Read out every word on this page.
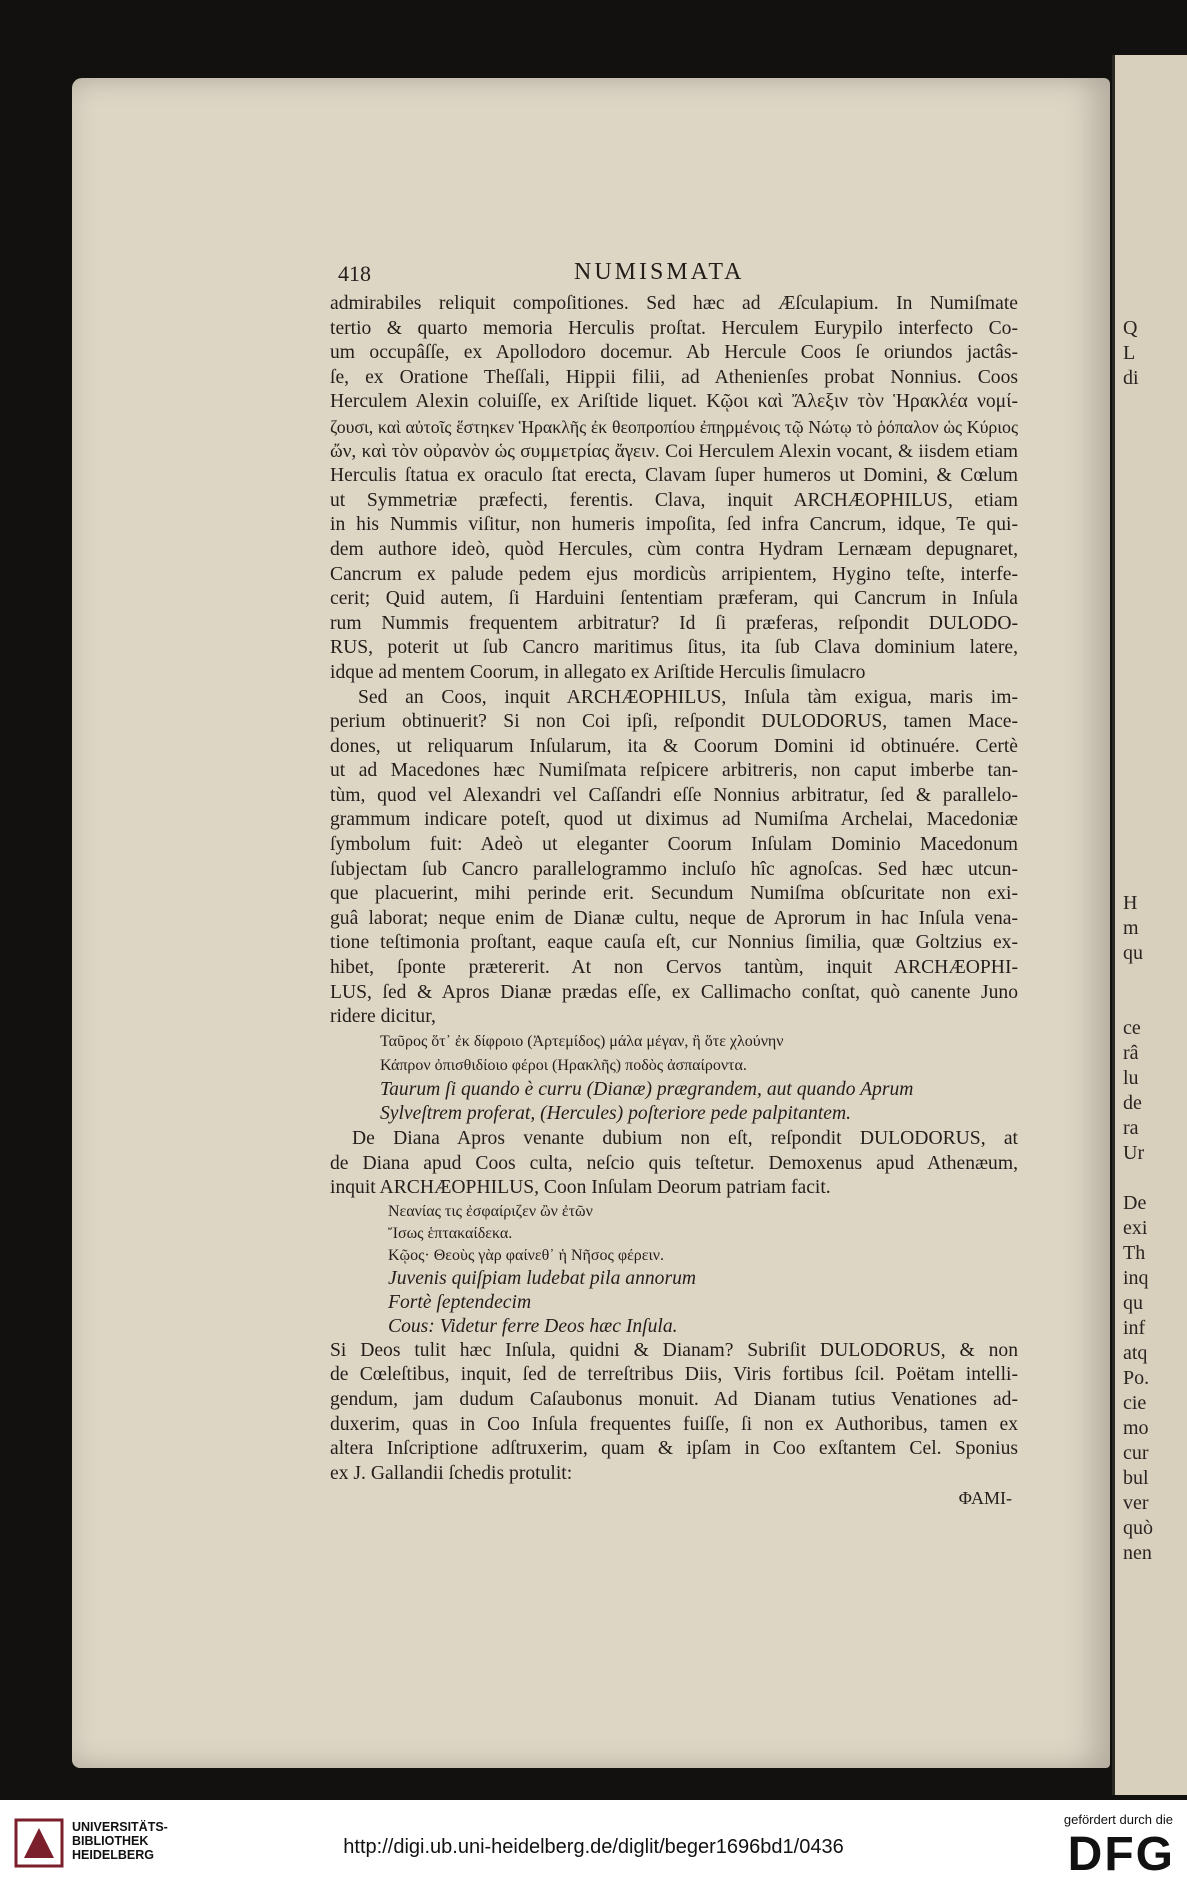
Q
L
di
H
m
qu
ce
râ
lu
de
ra
Ur
De
exi
Th
inq
qu
inf
atq
Po.
cie
mo
cur
bul
ver
quò
nen
418	NUMISMATA
admirabiles reliquit compoſitiones. Sed hæc ad Æſculapium. In Numiſmate
tertio & quarto memoria Herculis proſtat. Herculem Eurypilo interfecto Co-
um occupâſſe, ex Apollodoro docemur. Ab Hercule Coos ſe oriundos jactâs-
ſe, ex Oratione Theſſali, Hippii filii, ad Athenienſes probat Nonnius. Coos
Herculem Alexin coluiſſe, ex Ariſtide liquet. Κῷοι καὶ Ἄλεξιν τὸν Ἡρακλέα νομί-
ζουσι, καὶ αὐτοῖς ἕστηκεν Ἡρακλῆς ἐκ θεοπροπίου ἐπηρμένοις τῷ Νώτῳ τὸ ῥόπαλον ὡς Κύριος
ὤν, καὶ τὸν οὐρανὸν ὡς συμμετρίας ἄγειν. Coi Herculem Alexin vocant, & iisdem etiam
Herculis ſtatua ex oraculo ſtat erecta, Clavam ſuper humeros ut Domini, & Cœlum
ut Symmetriæ præfecti, ferentis. Clava, inquit ARCHÆOPHILUS, etiam
in his Nummis viſitur, non humeris impoſita, ſed infra Cancrum, idque, Te qui-
dem authore ideò, quòd Hercules, cùm contra Hydram Lernæam depugnaret,
Cancrum ex palude pedem ejus mordicùs arripientem, Hygino teſte, interfe-
cerit; Quid autem, ſi Harduini ſententiam præferam, qui Cancrum in Inſula
rum Nummis frequentem arbitratur? Id ſi præferas, reſpondit DULODO-
RUS, poterit ut ſub Cancro maritimus ſitus, ita ſub Clava dominium latere,
idque ad mentem Coorum, in allegato ex Ariſtide Herculis ſimulacro
Sed an Coos, inquit ARCHÆOPHILUS, Inſula tàm exigua, maris im-
perium obtinuerit? Si non Coi ipſi, reſpondit DULODORUS, tamen Mace-
dones, ut reliquarum Inſularum, ita & Coorum Domini id obtinuére. Certè
ut ad Macedones hæc Numiſmata reſpicere arbitreris, non caput imberbe tan-
tùm, quod vel Alexandri vel Caſſandri eſſe Nonnius arbitratur, ſed & parallelo-
grammum indicare poteſt, quod ut diximus ad Numiſma Archelai, Macedoniæ
ſymbolum fuit: Adeò ut eleganter Coorum Inſulam Dominio Macedonum
ſubjectam ſub Cancro parallelogrammo incluſo hîc agnoſcas. Sed hæc utcun-
que placuerint, mihi perinde erit. Secundum Numiſma obſcuritate non exi-
guâ laborat; neque enim de Dianæ cultu, neque de Aprorum in hac Inſula vena-
tione teſtimonia proſtant, eaque cauſa eſt, cur Nonnius ſimilia, quæ Goltzius ex-
hibet, ſponte prætererit. At non Cervos tantùm, inquit ARCHÆOPHI-
LUS, ſed & Apros Dianæ prædas eſſe, ex Callimacho conſtat, quò canente Juno
ridere dicitur,
Ταῦρος ὅτ᾽ ἐκ δίφροιο (Ἀρτεμίδος) μάλα μέγαν, ἢ ὅτε χλούνην
Κάπρον ὀπισθιδίοιο φέροι (Ηρακλῆς) ποδὸς ἀσπαίροντα.
Taurum ſi quando è curru (Dianæ) prægrandem, aut quando Aprum
Sylveſtrem proferat, (Hercules) poſteriore pede palpitantem.
De Diana Apros venante dubium non eſt, reſpondit DULODORUS, at
de Diana apud Coos culta, neſcio quis teſtetur. Demoxenus apud Athenæum,
inquit ARCHÆOPHILUS, Coon Inſulam Deorum patriam facit.
Νεανίας τις ἐσφαίριζεν ὢν ἐτῶν
Ἴσως ἑπτακαίδεκα.
Κῷος· Θεοὺς γὰρ φαίνεθ᾽ ἡ Νῆσος φέρειν.
Juvenis quiſpiam ludebat pila annorum
Fortè ſeptendecim
Cous: Videtur ferre Deos hæc Inſula.
Si Deos tulit hæc Inſula, quidni & Dianam? Subriſit DULODORUS, & non
de Cœleſtibus, inquit, ſed de terreſtribus Diis, Viris fortibus ſcil. Poëtam intelli-
gendum, jam dudum Caſaubonus monuit. Ad Dianam tutius Venationes ad-
duxerim, quas in Coo Inſula frequentes fuiſſe, ſi non ex Authoribus, tamen ex
altera Inſcriptione adſtruxerim, quam & ipſam in Coo exſtantem Cel. Sponius
ex J. Gallandii ſchedis protulit:
ΦΑΜΙ-
UNIVERSITÄTS-
BIBLIOTHEK
HEIDELBERG	http://digi.ub.uni-heidelberg.de/diglit/beger1696bd1/0436
gefördert durch die
DFG
